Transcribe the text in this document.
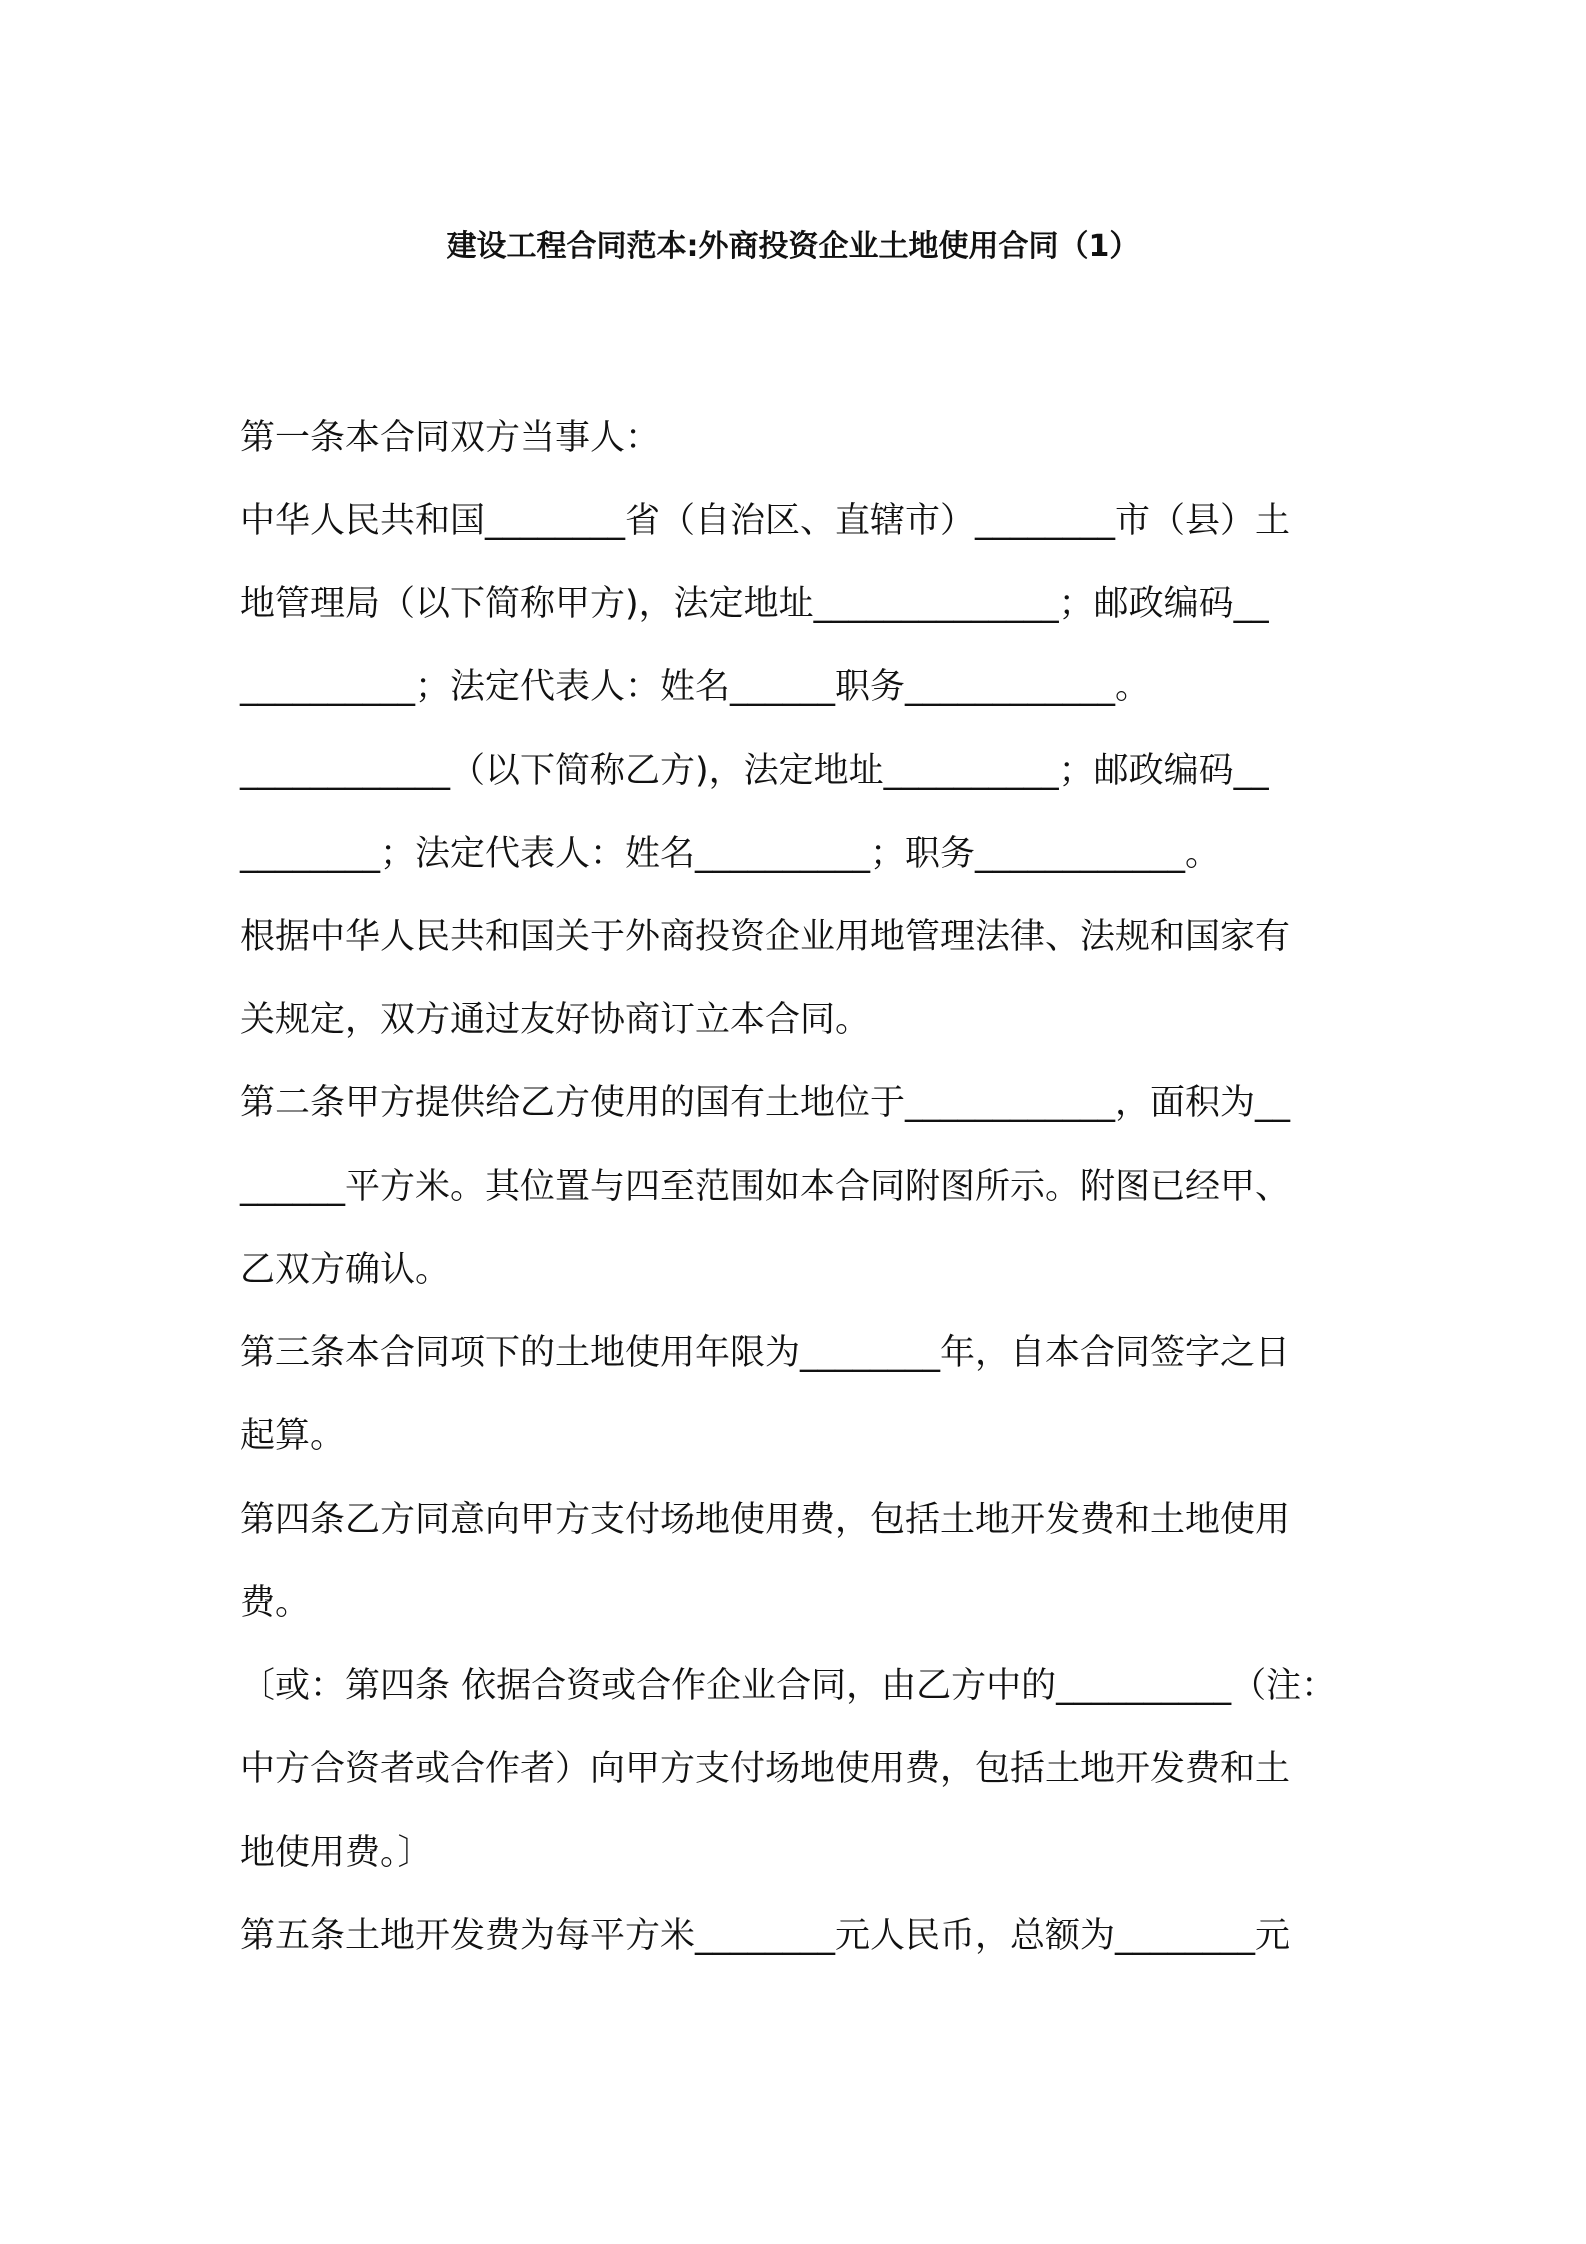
建设工程合同范本:外商投资企业土地使用合同（1）
第一条本合同双方当事人：
中华人民共和国________省（自治区、直辖市）________市（县）土
地管理局（以下简称甲方)，法定地址______________；邮政编码__
__________；法定代表人：姓名______职务____________。
____________（以下简称乙方)，法定地址__________；邮政编码__
________；法定代表人：姓名__________；职务____________。
根据中华人民共和国关于外商投资企业用地管理法律、法规和国家有
关规定，双方通过友好协商订立本合同。
第二条甲方提供给乙方使用的国有土地位于____________，面积为__
______平方米。其位置与四至范围如本合同附图所示。附图已经甲、
乙双方确认。
第三条本合同项下的土地使用年限为________年，自本合同签字之日
起算。
第四条乙方同意向甲方支付场地使用费，包括土地开发费和土地使用
费。
〔或：第四条 依据合资或合作企业合同，由乙方中的__________（注：
中方合资者或合作者）向甲方支付场地使用费，包括土地开发费和土
地使用费。〕
第五条土地开发费为每平方米________元人民币，总额为________元
